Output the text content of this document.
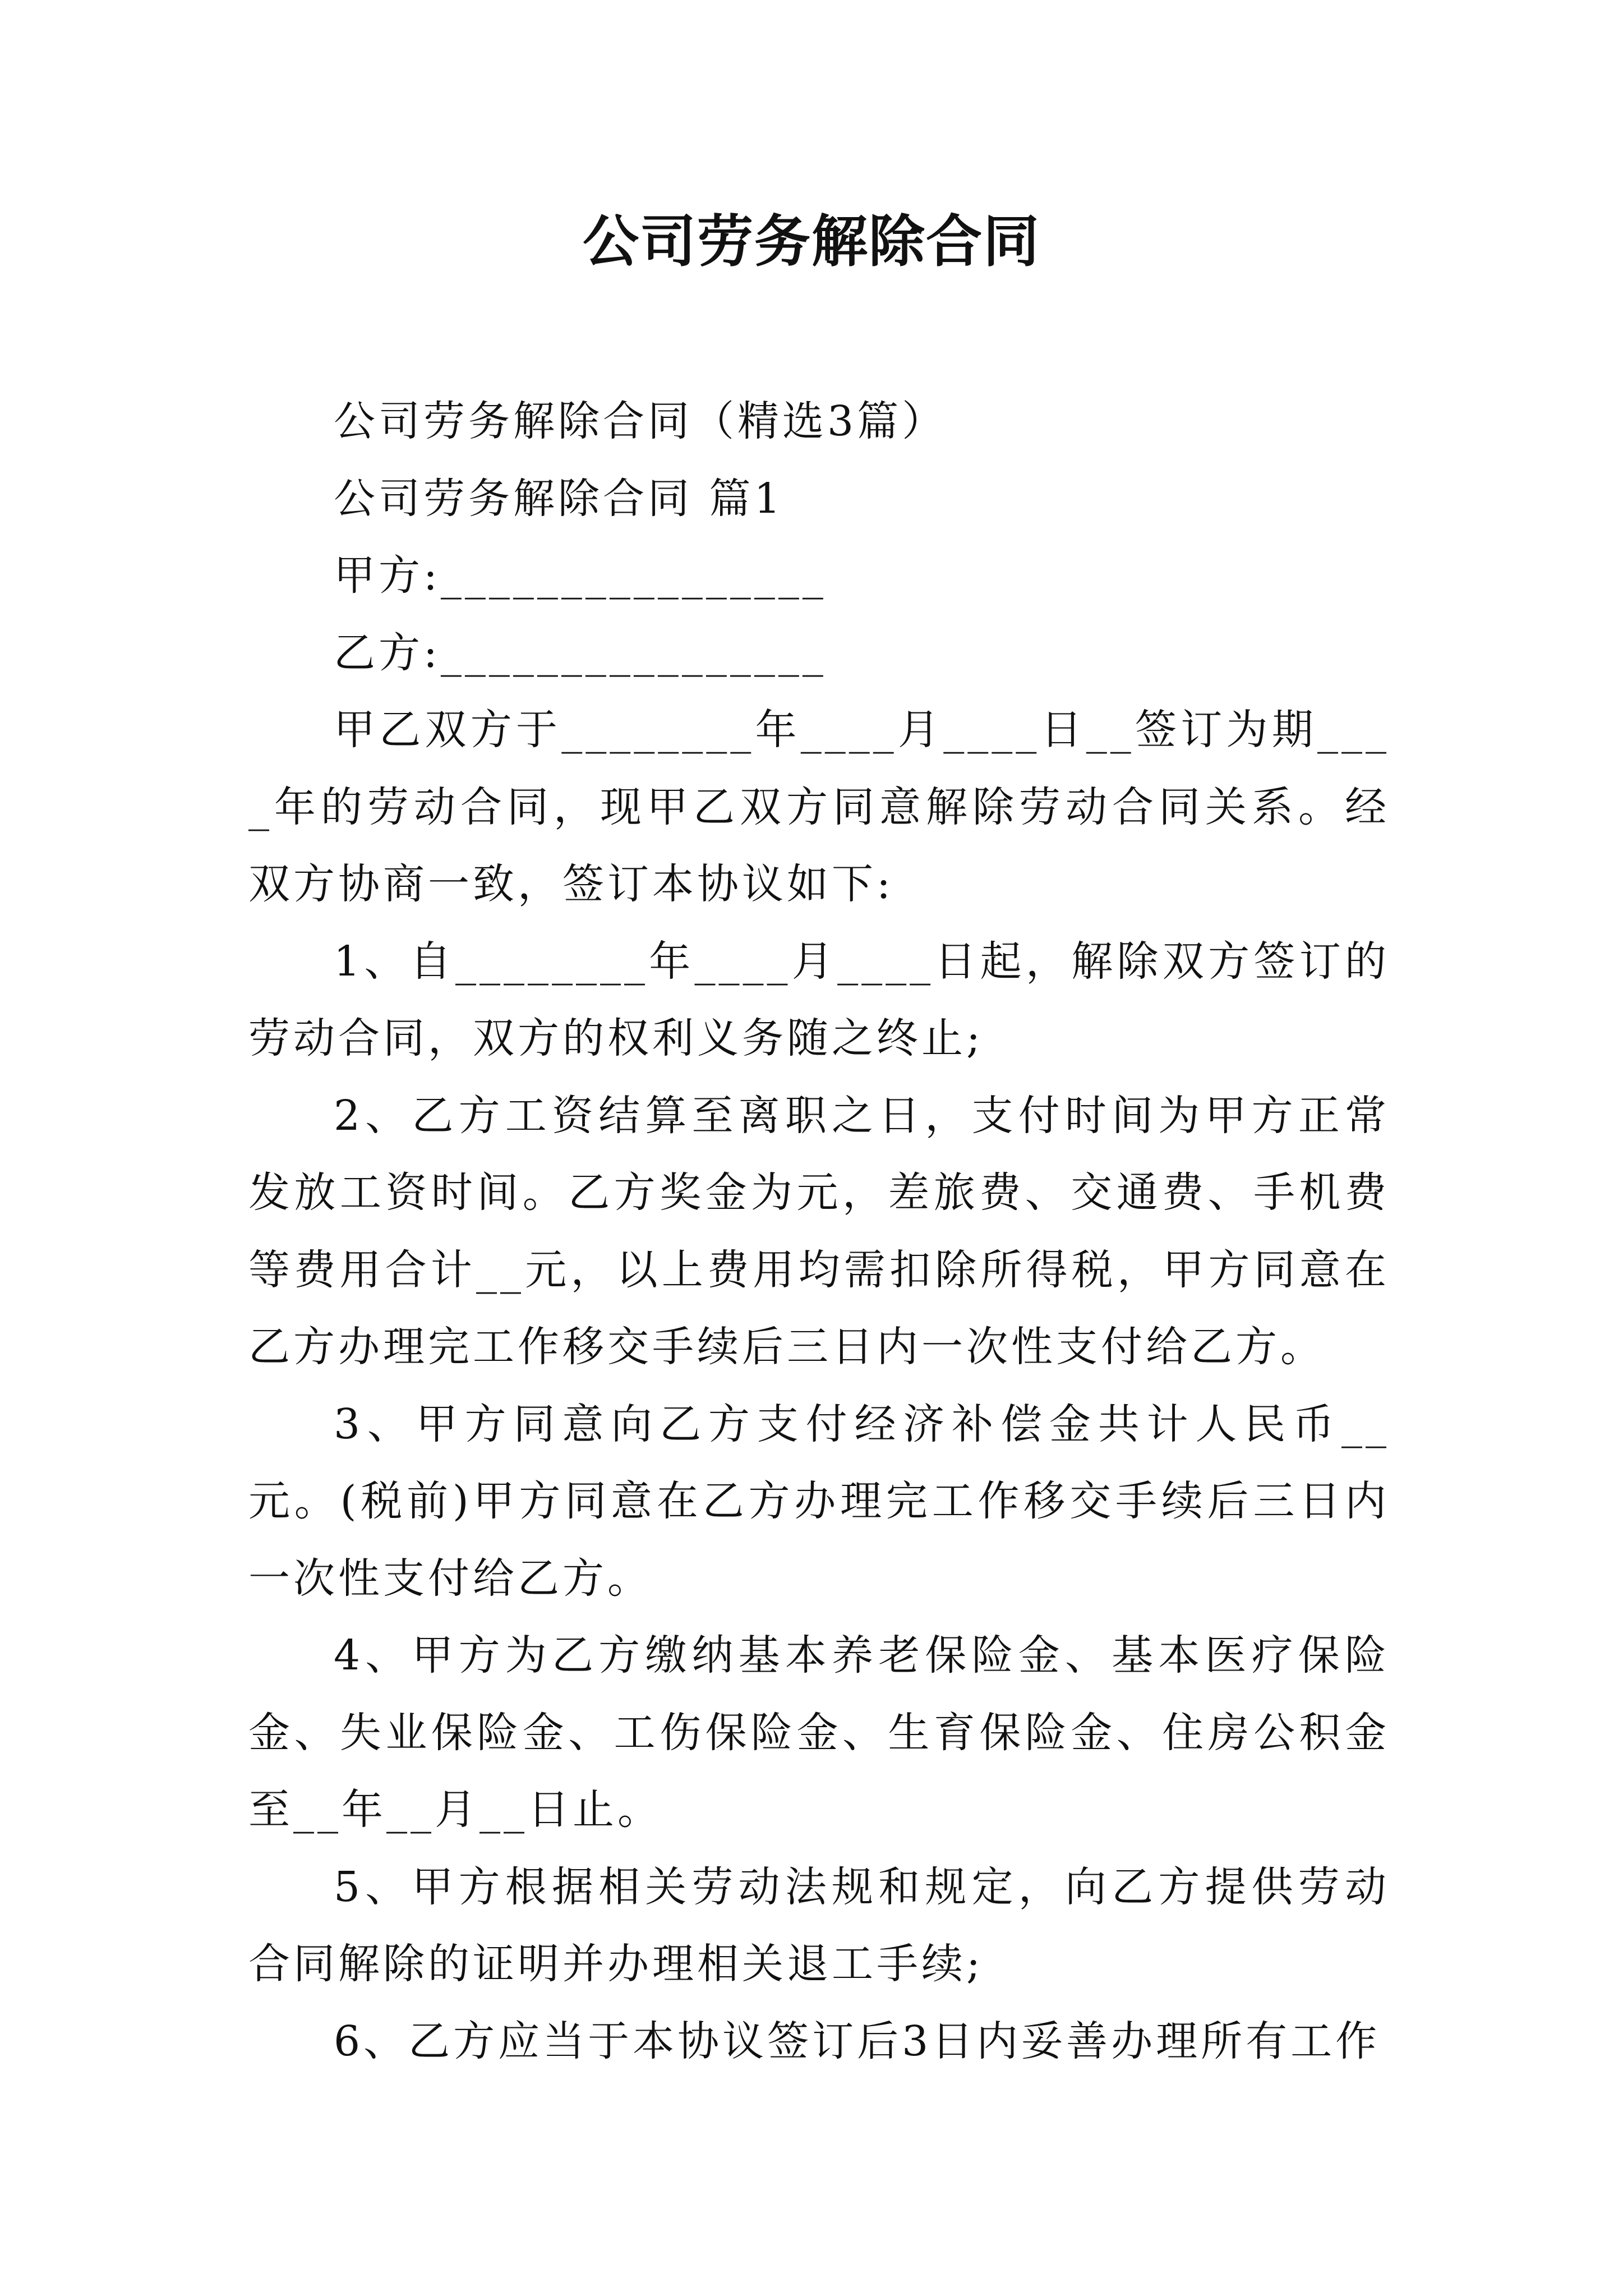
公司劳务解除合同

公司劳务解除合同（精选3篇）

公司劳务解除合同 篇1

甲方:________________

乙方:________________

甲乙双方于________年____月____日__签订为期____年的劳动合同，现甲乙双方同意解除劳动合同关系。经双方协商一致，签订本协议如下:

1、自________年____月____日起，解除双方签订的劳动合同，双方的权利义务随之终止;

2、乙方工资结算至离职之日，支付时间为甲方正常发放工资时间。乙方奖金为元，差旅费、交通费、手机费等费用合计__元，以上费用均需扣除所得税，甲方同意在乙方办理完工作移交手续后三日内一次性支付给乙方。

3、甲方同意向乙方支付经济补偿金共计人民币__元。(税前)甲方同意在乙方办理完工作移交手续后三日内一次性支付给乙方。

4、甲方为乙方缴纳基本养老保险金、基本医疗保险金、失业保险金、工伤保险金、生育保险金、住房公积金至__年__月__日止。

5、甲方根据相关劳动法规和规定，向乙方提供劳动合同解除的证明并办理相关退工手续;

6、乙方应当于本协议签订后3日内妥善办理所有工作
